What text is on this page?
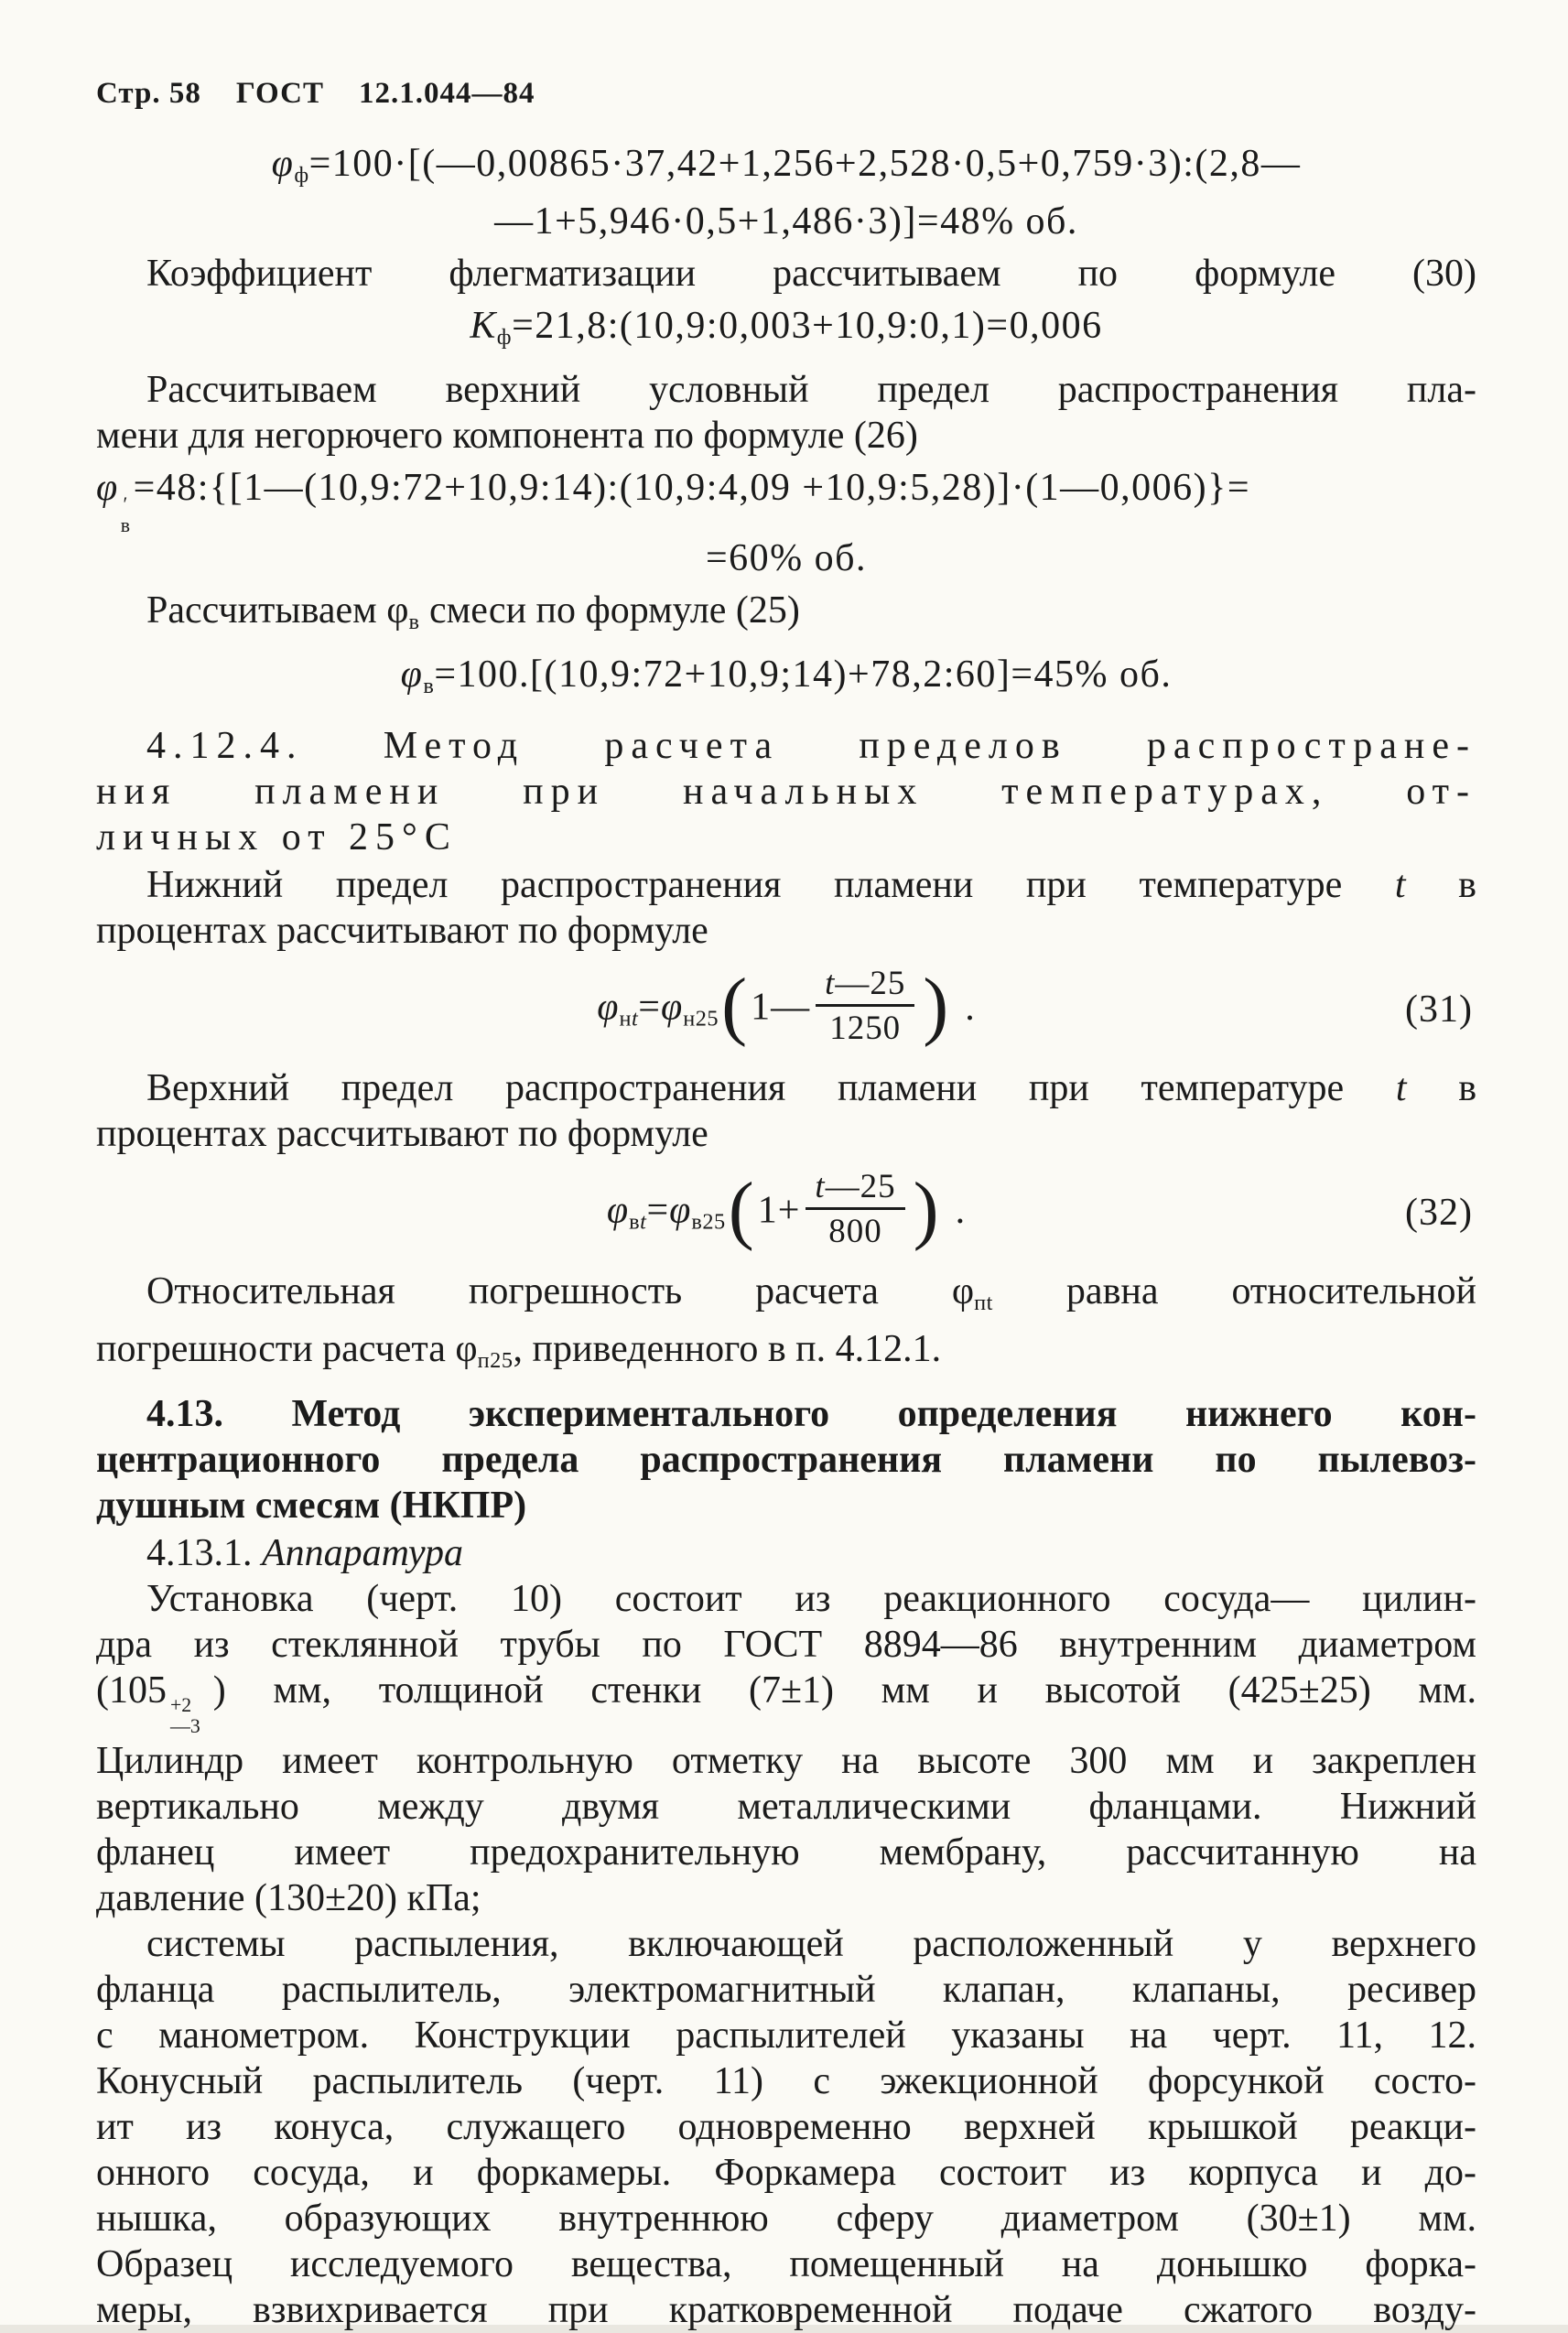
Стр. 58 ГОСТ 12.1.044—84
$\varphi_ф=100\cdot[(—0,00865\cdot 37,42+1,256+2,528\cdot 0,5+0,759\cdot 3):(2,8—$
—1+5,946·0,5+1,486·3)]=48% об.
Коэффициент флегматизации рассчитываем по формуле (30)
$К_ф=21,8:(10,9:0,003+10,9:0,1)=0,006$
Рассчитываем верхний условный предел распространения пла-
мени для негорючего компонента по формуле (26)
φ ′
в
=48:{[1—(10,9:72+10,9:14):(10,9:4,09 +10,9:5,28)]·(1—0,006)}=
=60% об.
Рассчитываем $\varphi_в$ смеси по формуле (25)
$\varphi_в=100.[(10,9:72+10,9;14)+78,2:60]=45\%$ об.
4.12.4. Метод расчета пределов распростране-
ния пламени при начальных температурах, от-
личных от 25°С
Нижний предел распространения пламени при температуре t в
процентах рассчитывают по формуле
$\varphi_{нt}=\varphi_{н25}(1— \frac{t—25}{1250}$ ) .	(31)
Верхний предел распространения пламени при температуре t в
процентах рассчитывают по формуле
$\varphi_{вt}=\varphi_{в25}(1+ \frac{t—25}{800}$ ) .	(32)
Относительная погрешность расчета $\varphi_{пt}$ равна относительной
погрешности расчета $\varphi_{п25}$, приведенного в п. 4.12.1.
4.13. Метод экспериментального определения нижнего кон-
центрационного предела распространения пламени по пылевоз-
душным смесям (НКПР)
4.13.1. Аппаратура
Установка (черт. 10) состоит из реакционного сосуда— цилин-
дра из стеклянной трубы по ГОСТ 8894—86 внутренним диаметром
(105 +2
—3
) мм, толщиной стенки (7±1) мм и высотой (425±25) мм.
Цилиндр имеет контрольную отметку на высоте 300 мм и закреплен
вертикально между двумя металлическими фланцами. Нижний
фланец имеет предохранительную мембрану, рассчитанную на
давление (130±20) кПа;
системы распыления, включающей расположенный у верхнего
фланца распылитель, электромагнитный клапан, клапаны, ресивер
с манометром. Конструкции распылителей указаны на черт. 11, 12.
Конусный распылитель (черт. 11) с эжекционной форсункой состо-
ит из конуса, служащего одновременно верхней крышкой реакци-
онного сосуда, и форкамеры. Форкамера состоит из корпуса и до-
нышка, образующих внутреннюю сферу диаметром (30±1) мм.
Образец исследуемого вещества, помещенный на донышко форка-
меры, взвихривается при кратковременной подаче сжатого возду-
